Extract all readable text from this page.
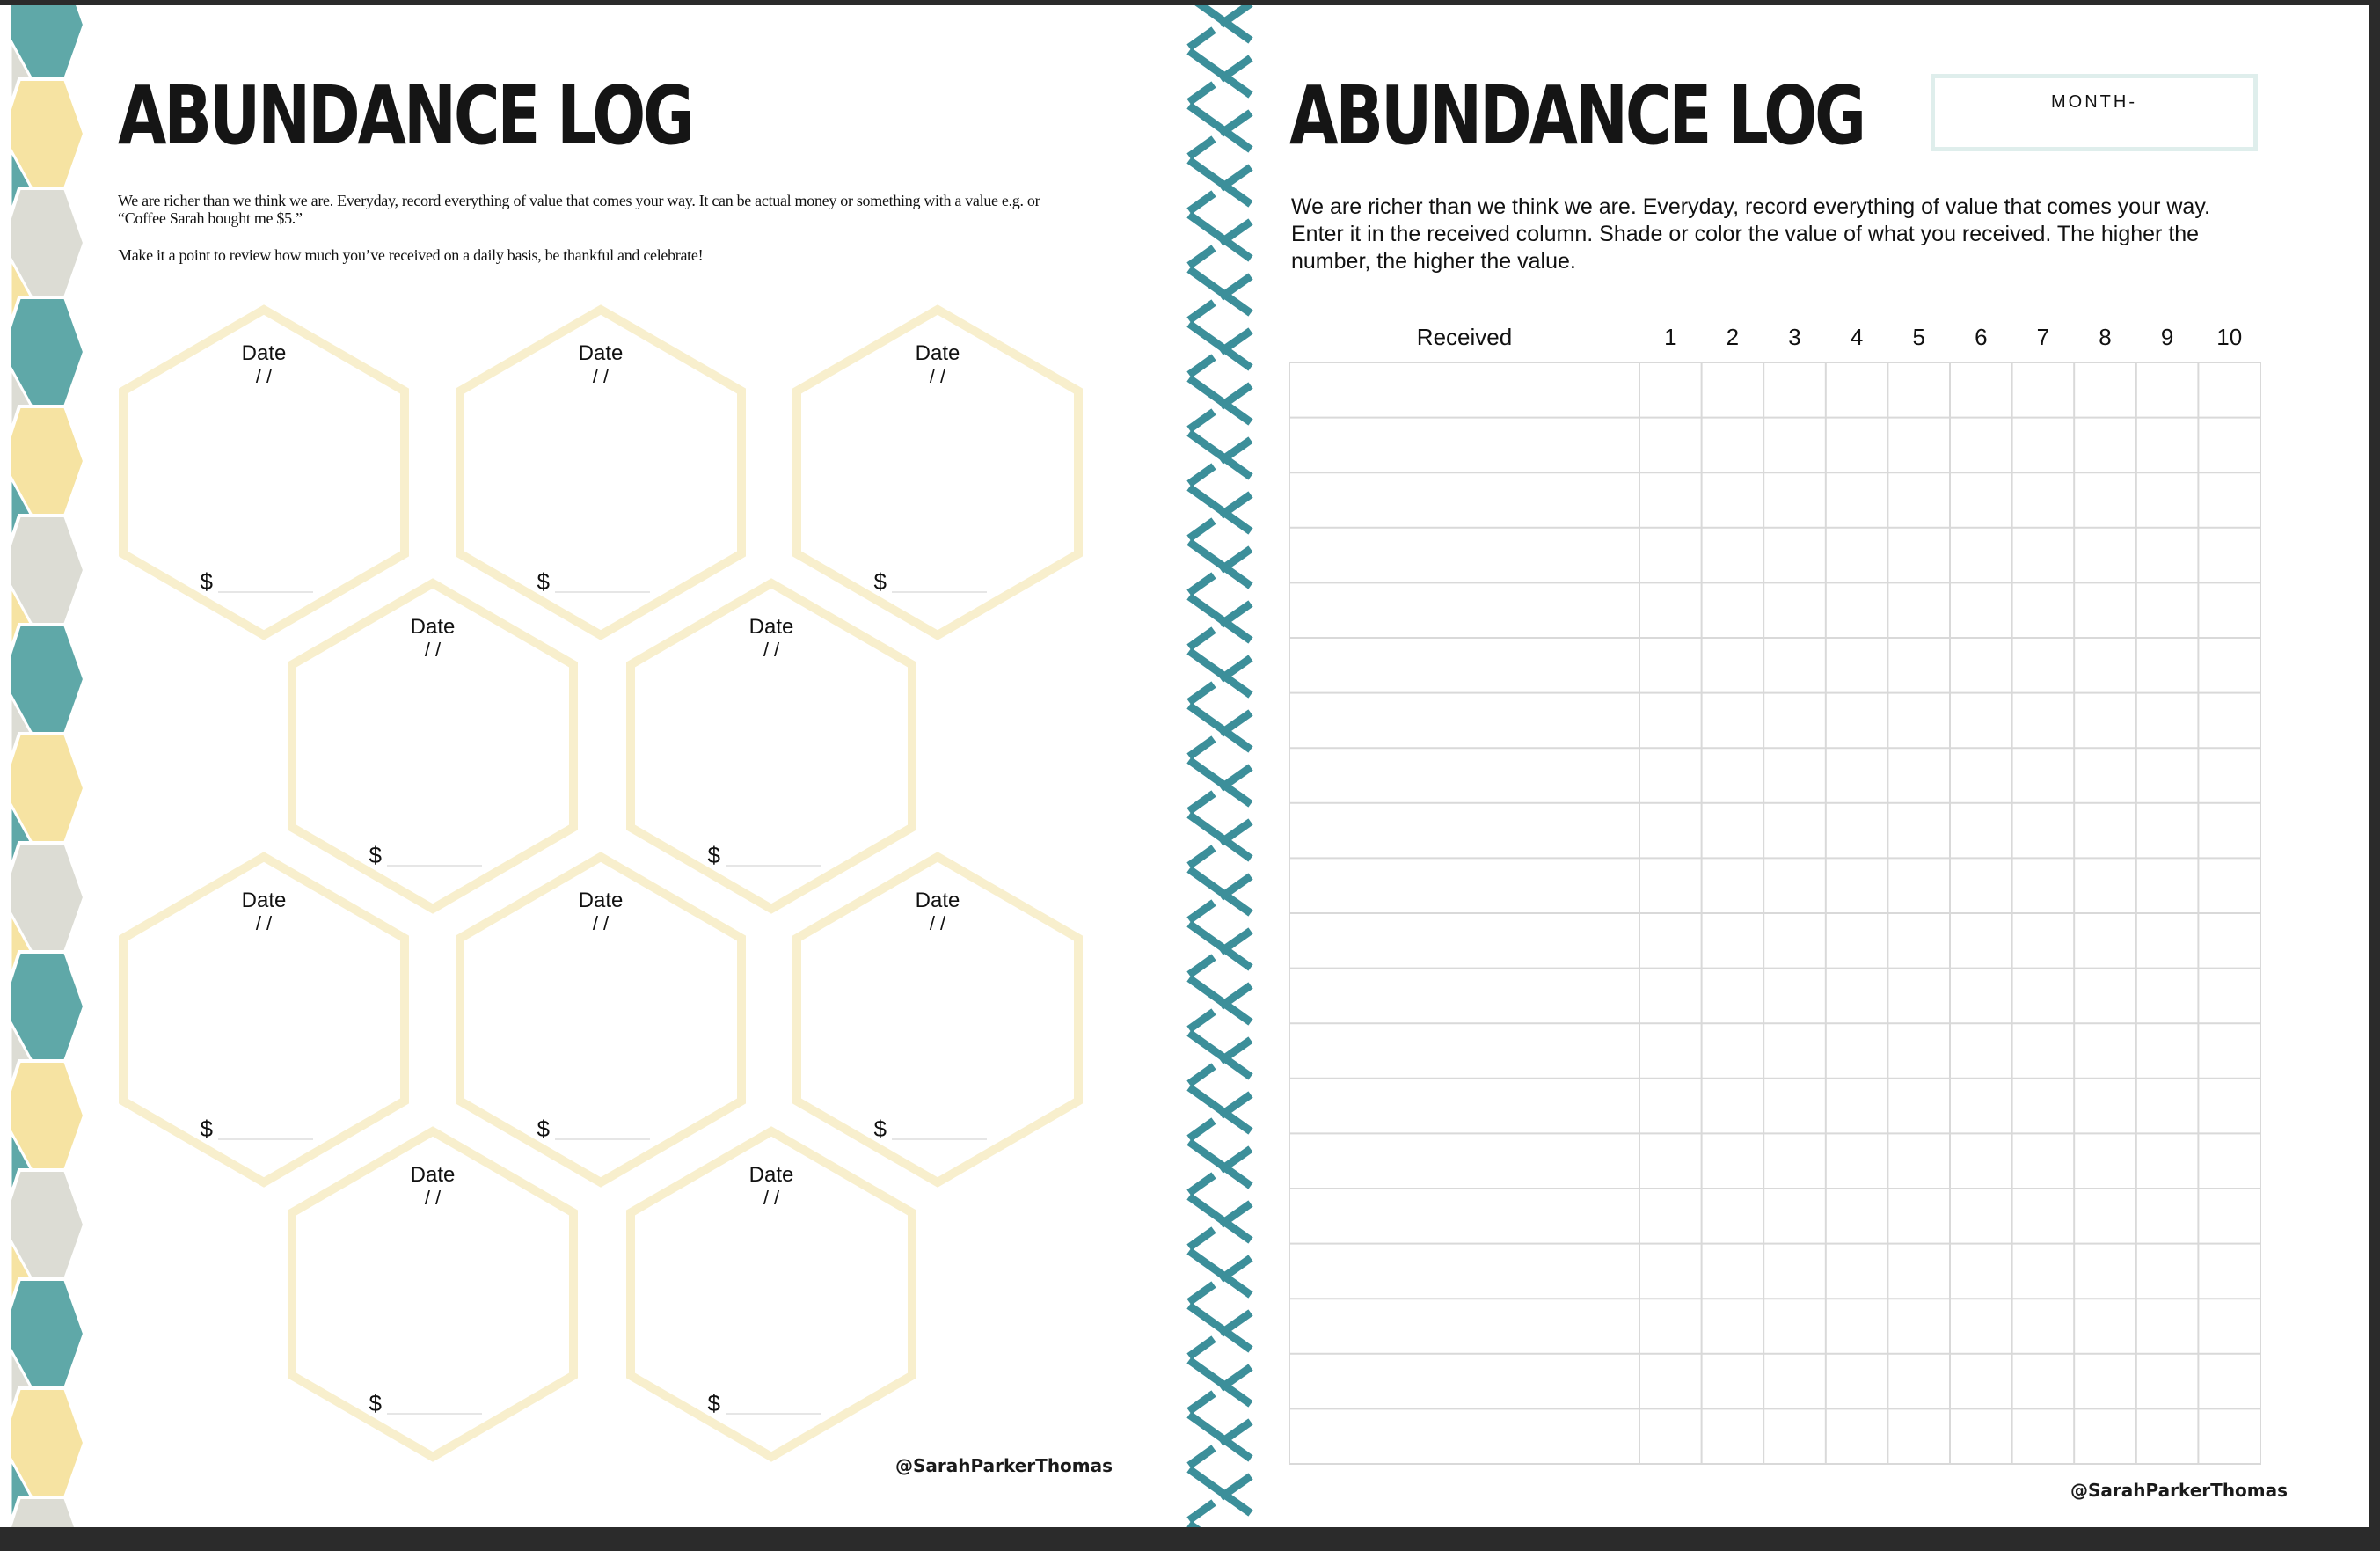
ABUNDANCE LOG

We are richer than we think we are. Everyday, record everything of value that comes your way. It can be actual money or something with a value e.g. or “Coffee Sarah bought me $5.”

Make it a point to review how much you’ve received on a daily basis, be thankful and celebrate!

Date
/ /
$
Date
/ /
$
Date
/ /
$
Date
/ /
$
Date
/ /
$
Date
/ /
$
Date
/ /
$
Date
/ /
$
Date
/ /
$
Date
/ /
$
@SarahParkerThomas
ABUNDANCE LOG	MONTH-

We are richer than we think we are. Everyday, record everything of value that comes your way. Enter it in the received column. Shade or color the value of what you received. The higher the number, the higher the value.

Received	1 2 3 4 5 6 7 8 9 10
@SarahParkerThomas
